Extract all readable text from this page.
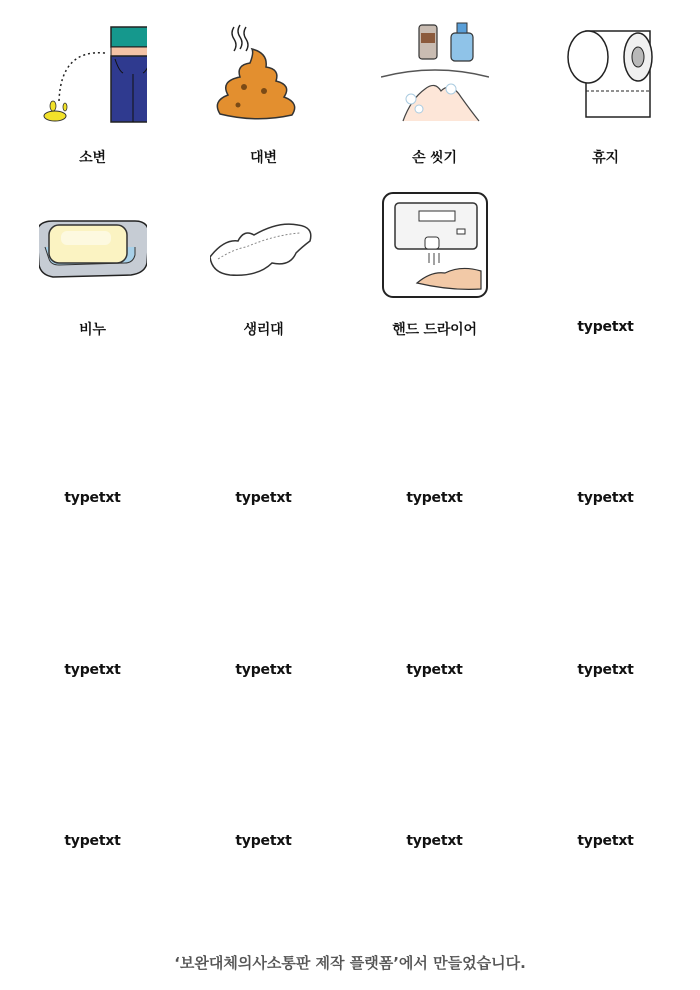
소변	대변	손 씻기	휴지
비누	생리대	핸드 드라이어	typetxt
typetxt	typetxt	typetxt	typetxt
typetxt	typetxt	typetxt	typetxt
typetxt	typetxt	typetxt	typetxt
‘보완대체의사소통판 제작 플랫폼’에서 만들었습니다.
